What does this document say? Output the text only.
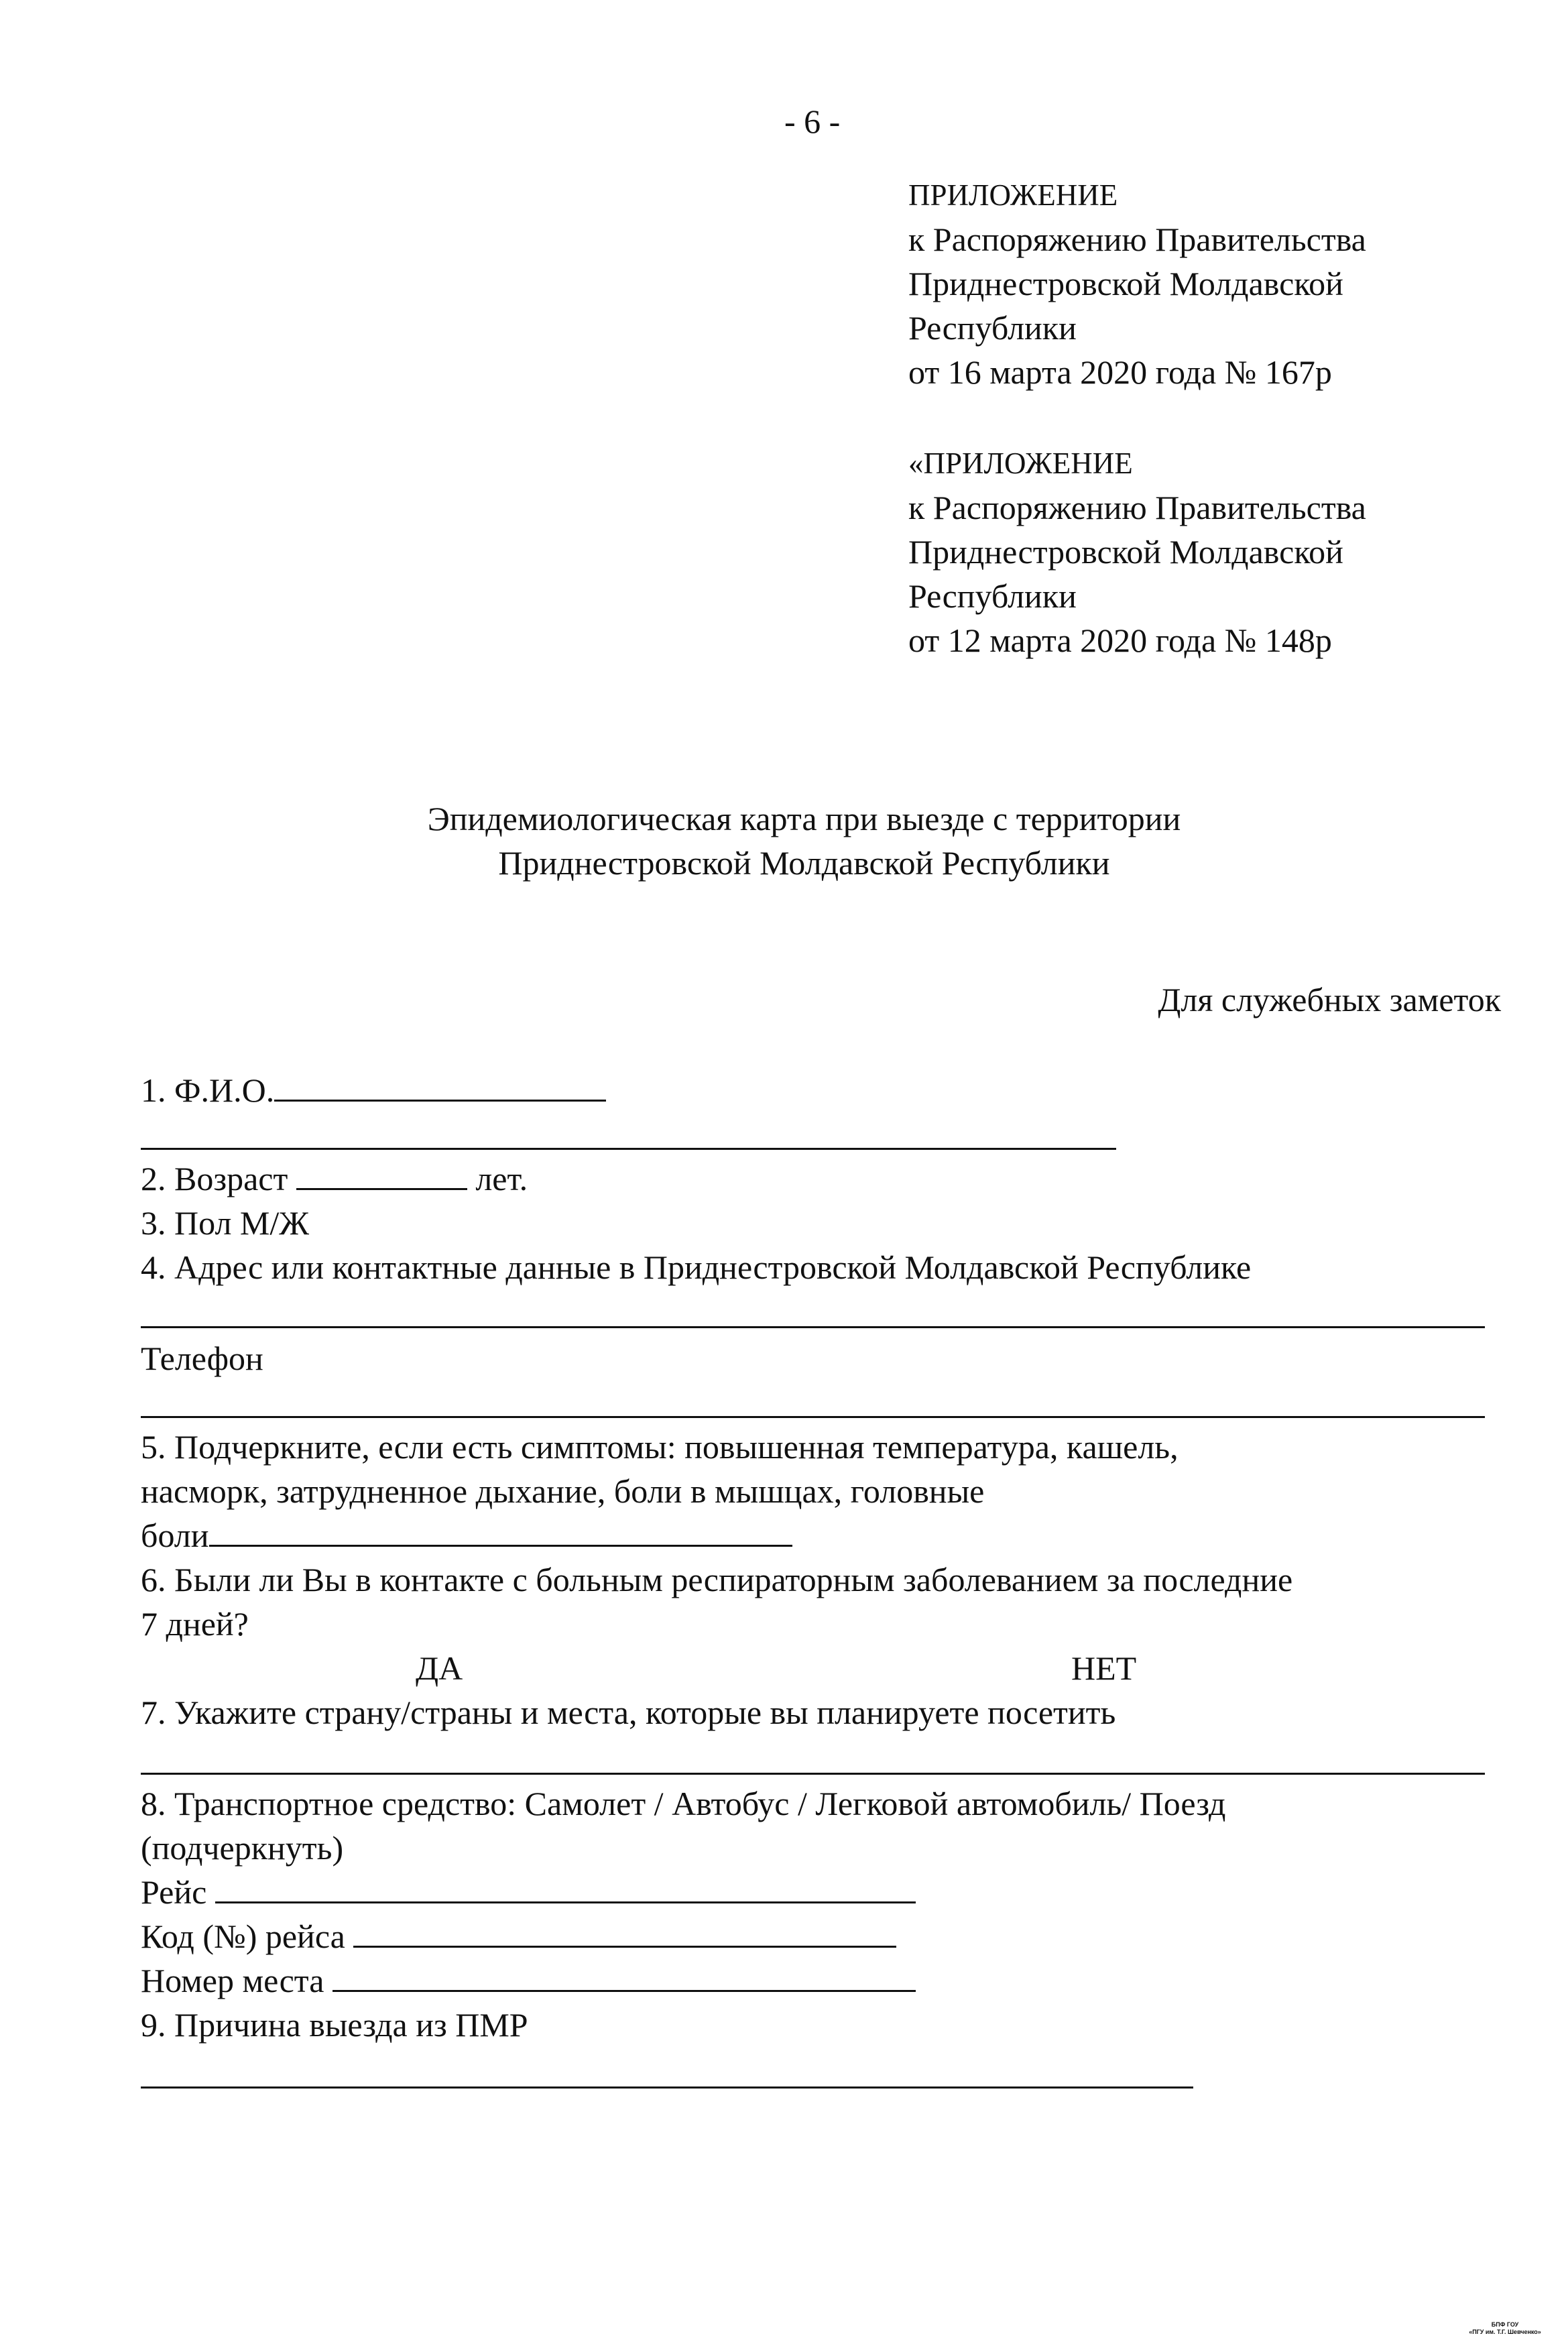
- 6 -
ПРИЛОЖЕНИЕ
к Распоряжению Правительства
Приднестровской Молдавской
Республики
от 16 марта 2020 года № 167р
«ПРИЛОЖЕНИЕ
к Распоряжению Правительства
Приднестровской Молдавской
Республики
от 12 марта 2020 года № 148р
Эпидемиологическая карта при выезде с территории
Приднестровской Молдавской Республики
Для служебных заметок
1. Ф.И.О.
2. Возраст	лет.
3. Пол М/Ж
4. Адрес или контактные данные в Приднестровской Молдавской Республике
Телефон
5. Подчеркните, если есть симптомы: повышенная температура, кашель,
насморк, затрудненное дыхание, боли в мышцах, головные
боли
6. Были ли Вы в контакте с больным респираторным заболеванием за последние
7 дней?
ДА	НЕТ
7. Укажите страну/страны и места, которые вы планируете посетить
8. Транспортное средство: Самолет / Автобус / Легковой автомобиль/ Поезд
(подчеркнуть)
Рейс
Код (№) рейса
Номер места
9. Причина выезда из ПМР
БПФ ГОУ
«ПГУ им. Т.Г. Шевченко»
